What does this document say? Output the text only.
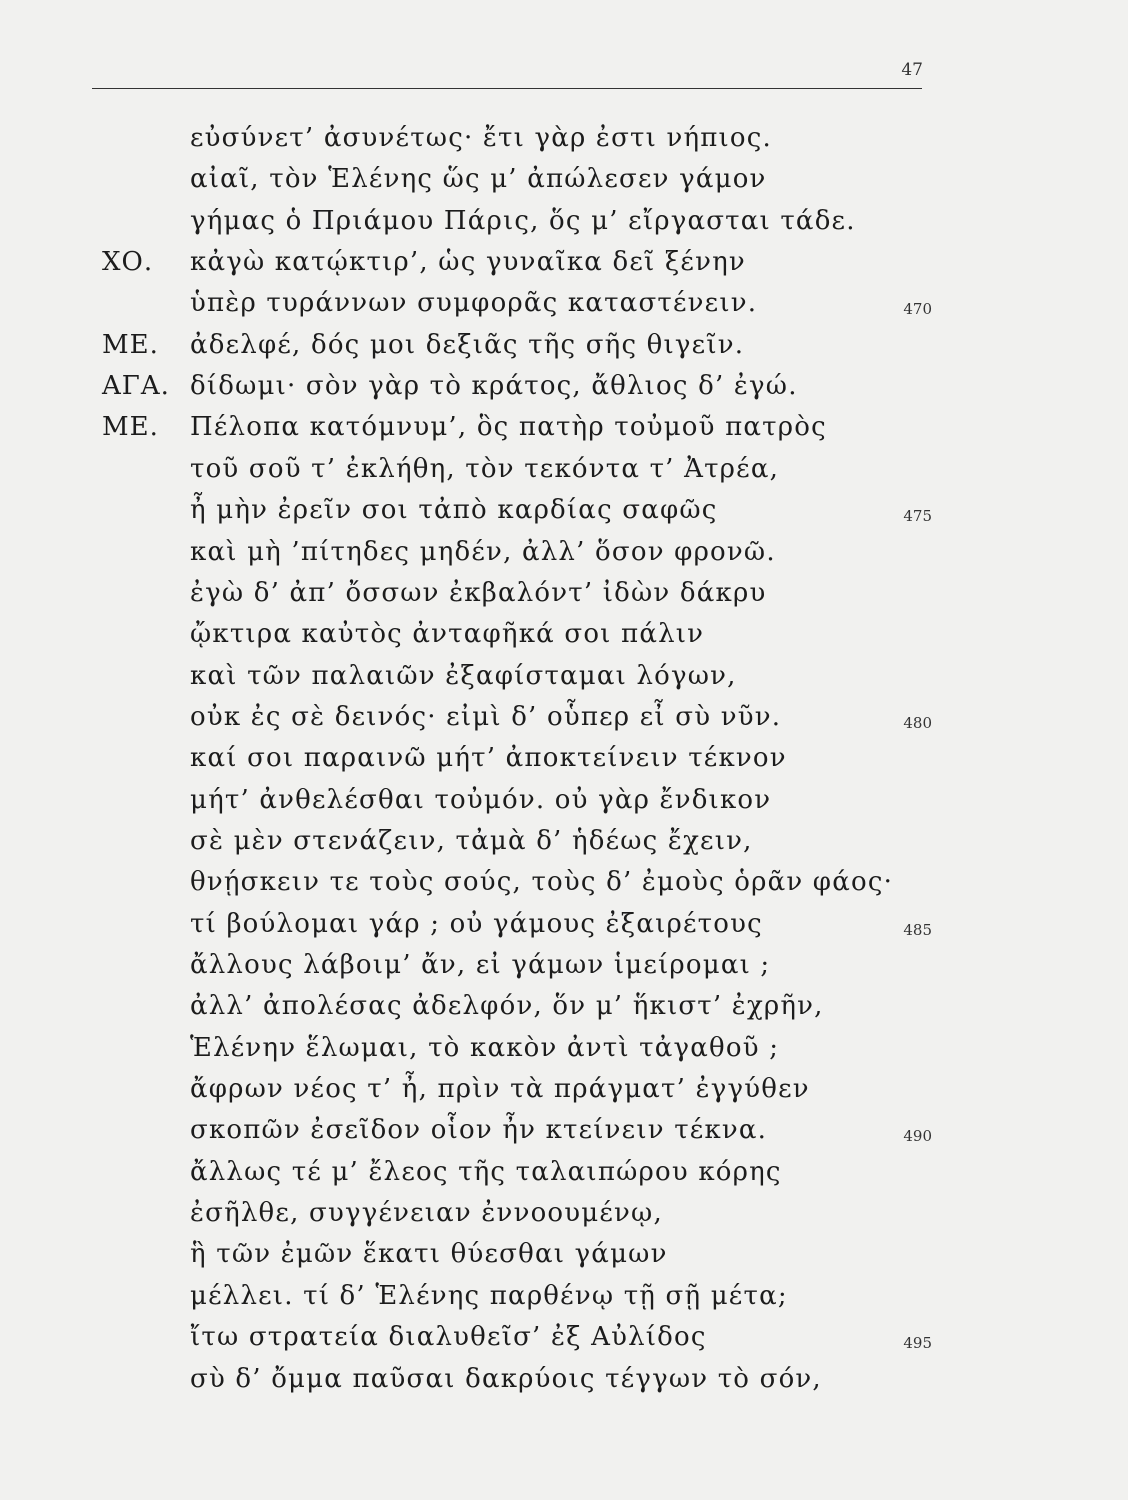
47
εὐσύνετ’ ἀσυνέτως· ἔτι γὰρ ἐστι νήπιος.
αἰαῖ, τὸν Ἑλένης ὥς μ’ ἀπώλεσεν γάμον
γήμας ὁ Πριάμου Πάρις, ὅς μ’ εἴργασται τάδε.
ΧΟ. κἀγὼ κατῴκτιρ’, ὡς γυναῖκα δεῖ ξένην
ὑπὲρ τυράννων συμφορᾶς καταστένειν.	470
ΜΕ. ἀδελφέ, δός μοι δεξιᾶς τῆς σῆς θιγεῖν.
ΑΓΑ. δίδωμι· σὸν γὰρ τὸ κράτος, ἄθλιος δ’ ἐγώ.
ΜΕ. Πέλοπα κατόμνυμ’, ὃς πατὴρ τοὐμοῦ πατρὸς
τοῦ σοῦ τ’ ἐκλήθη, τὸν τεκόντα τ’ Ἀτρέα,
ἦ μὴν ἐρεῖν σοι τἀπὸ καρδίας σαφῶς	475
καὶ μὴ ’πίτηδες μηδέν, ἀλλ’ ὅσον φρονῶ.
ἐγὼ δ’ ἀπ’ ὄσσων ἐκβαλόντ’ ἰδὼν δάκρυ
ᾤκτιρα καὐτὸς ἀνταφῆκά σοι πάλιν
καὶ τῶν παλαιῶν ἐξαφίσταμαι λόγων,
οὐκ ἐς σὲ δεινός· εἰμὶ δ’ οὗπερ εἶ σὺ νῦν.	480
καί σοι παραινῶ μήτ’ ἀποκτείνειν τέκνον
μήτ’ ἀνθελέσθαι τοὐμόν. οὐ γὰρ ἔνδικον
σὲ μὲν στενάζειν, τἀμὰ δ’ ἡδέως ἔχειν,
θνῄσκειν τε τοὺς σούς, τοὺς δ’ ἐμοὺς ὁρᾶν φάος·
τί βούλομαι γάρ ; οὐ γάμους ἐξαιρέτους	485
ἄλλους λάβοιμ’ ἄν, εἰ γάμων ἱμείρομαι ;
ἀλλ’ ἀπολέσας ἀδελφόν, ὅν μ’ ἥκιστ’ ἐχρῆν,
Ἑλένην ἕλωμαι, τὸ κακὸν ἀντὶ τἀγαθοῦ ;
ἄφρων νέος τ’ ἦ, πρὶν τὰ πράγματ’ ἐγγύθεν
σκοπῶν ἐσεῖδον οἷον ἦν κτείνειν τέκνα.	490
ἄλλως τέ μ’ ἔλεος τῆς ταλαιπώρου κόρης
ἐσῆλθε, συγγένειαν ἐννοουμένῳ,
ἣ τῶν ἐμῶν ἕκατι θύεσθαι γάμων
μέλλει. τί δ’ Ἑλένης παρθένῳ τῇ σῇ μέτα;
ἴτω στρατεία διαλυθεῖσ’ ἐξ Αὐλίδος	495
σὺ δ’ ὄμμα παῦσαι δακρύοις τέγγων τὸ σόν,
